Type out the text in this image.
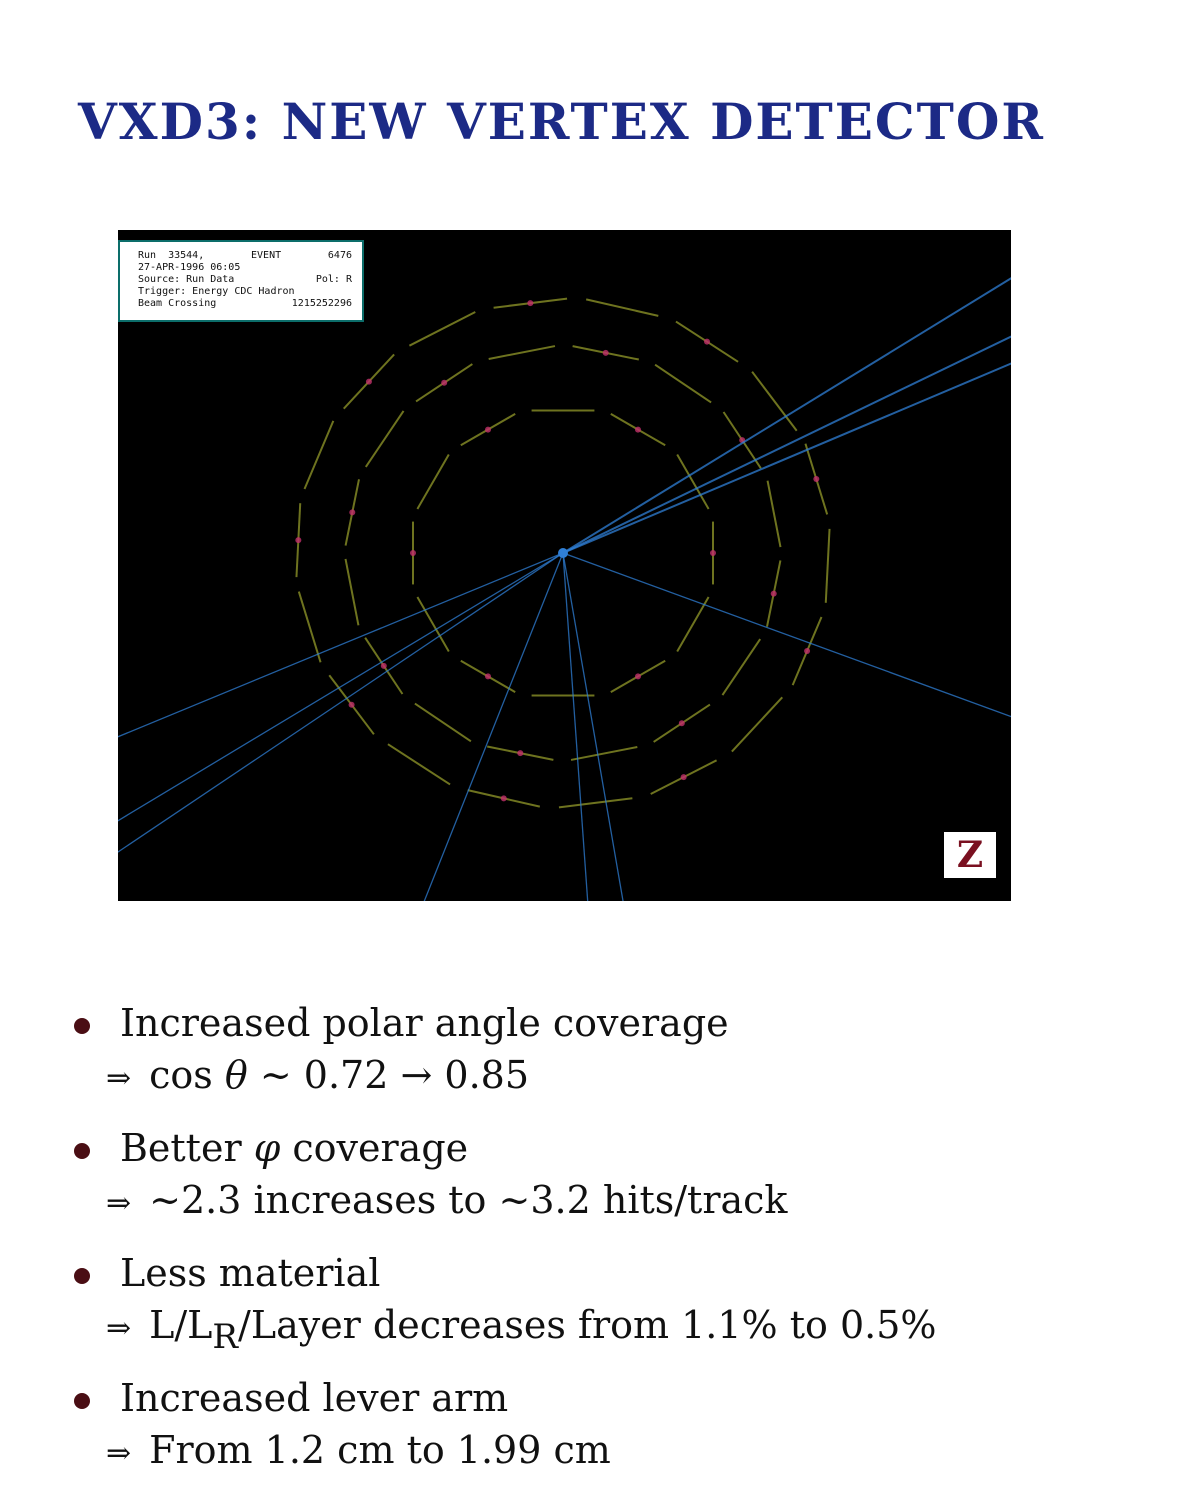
VXD3: NEW VERTEX DETECTOR
Run  33544,	EVENT	6476
27-APR-1996 06:05
Source: Run Data	Pol: R
Trigger: Energy CDC Hadron
Beam Crossing	1215252296
Z
Increased polar angle coverage
⇒ cos
θ ∼ 0.72 → 0.85
Better φ coverage
⇒ ∼2.3 increases to ∼3.2 hits/track
Less material
⇒ L/L R /Layer decreases from 1.1% to 0.5%
Increased lever arm
⇒ From 1.2 cm to 1.99 cm
